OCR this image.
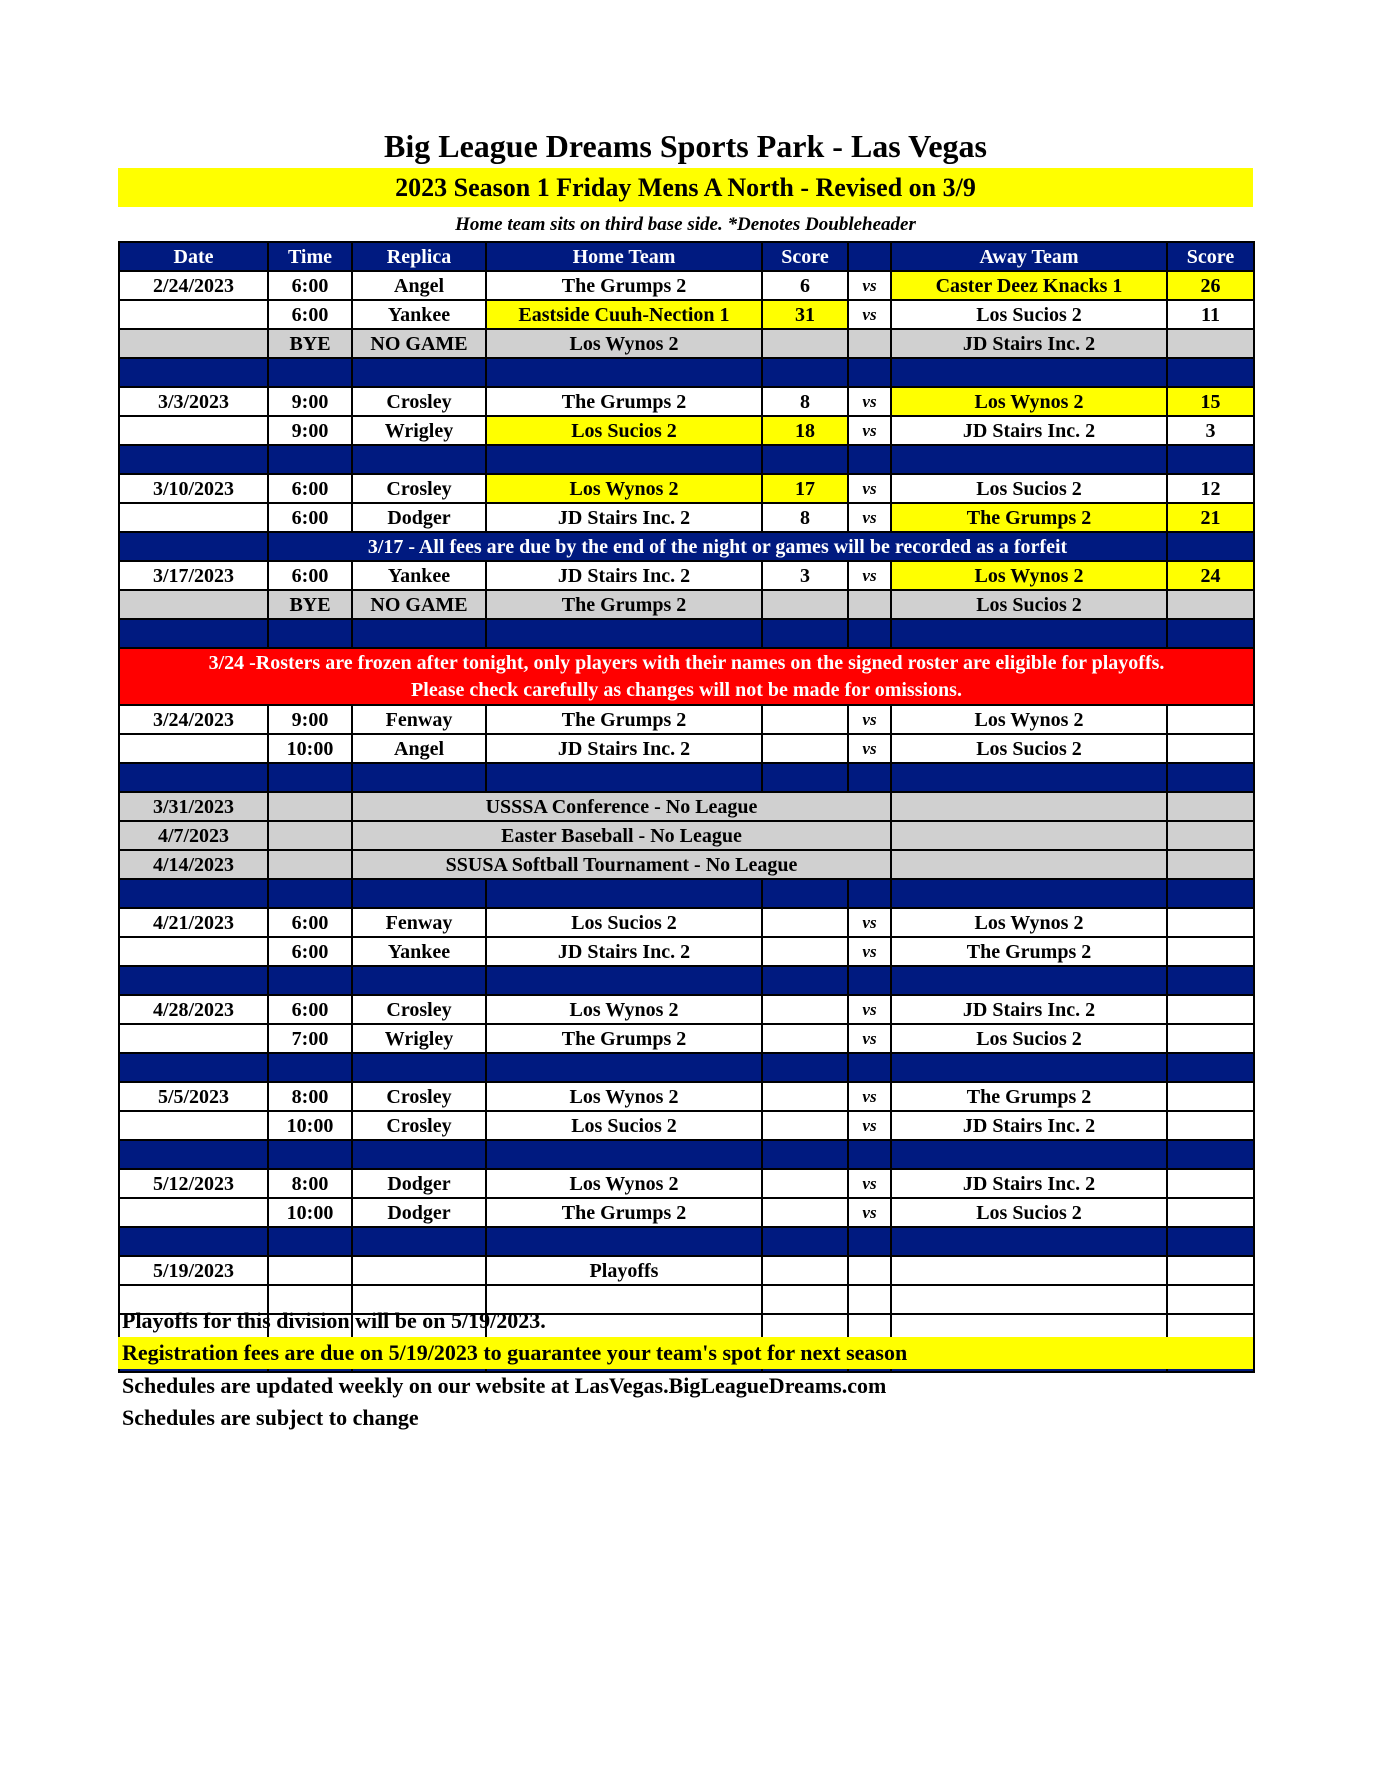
Big League Dreams Sports Park - Las Vegas
2023 Season 1 Friday Mens A North - Revised on 3/9
Home team sits on third base side. *Denotes Doubleheader
Date	Time	Replica	Home Team	Score		Away Team	Score
2/24/2023	6:00	Angel	The Grumps 2	6	vs	Caster Deez Knacks 1	26
	6:00	Yankee	Eastside Cuuh-Nection 1	31	vs	Los Sucios 2	11
	BYE	NO GAME	Los Wynos 2			JD Stairs Inc. 2	

3/3/2023	9:00	Crosley	The Grumps 2	8	vs	Los Wynos 2	15
	9:00	Wrigley	Los Sucios 2	18	vs	JD Stairs Inc. 2	3

3/10/2023	6:00	Crosley	Los Wynos 2	17	vs	Los Sucios 2	12
	6:00	Dodger	JD Stairs Inc. 2	8	vs	The Grumps 2	21
	3/17 - All fees are due by the end of the night or games will be recorded as a forfeit						
3/17/2023	6:00	Yankee	JD Stairs Inc. 2	3	vs	Los Wynos 2	24
	BYE	NO GAME	The Grumps 2			Los Sucios 2	

3/24 -Rosters are frozen after tonight, only players with their names on the signed roster are eligible for playoffs.
Please check carefully as changes will not be made for omissions.							

3/24/2023	9:00	Fenway	The Grumps 2		vs	Los Wynos 2	
	10:00	Angel	JD Stairs Inc. 2		vs	Los Sucios 2	

3/31/2023		USSSA Conference - No League					
4/7/2023		Easter Baseball - No League					
4/14/2023		SSUSA Softball Tournament - No League					

4/21/2023	6:00	Fenway	Los Sucios 2		vs	Los Wynos 2	
	6:00	Yankee	JD Stairs Inc. 2		vs	The Grumps 2	

4/28/2023	6:00	Crosley	Los Wynos 2		vs	JD Stairs Inc. 2	
	7:00	Wrigley	The Grumps 2		vs	Los Sucios 2	

5/5/2023	8:00	Crosley	Los Wynos 2		vs	The Grumps 2	
	10:00	Crosley	Los Sucios 2		vs	JD Stairs Inc. 2	

5/12/2023	8:00	Dodger	Los Wynos 2		vs	JD Stairs Inc. 2	
	10:00	Dodger	The Grumps 2		vs	Los Sucios 2	

5/19/2023			Playoffs				

Playoffs for this division will be on 5/19/2023.
Registration fees are due on 5/19/2023 to guarantee your team's spot for next season
Schedules are updated weekly on our website at LasVegas.BigLeagueDreams.com
Schedules are subject to change
